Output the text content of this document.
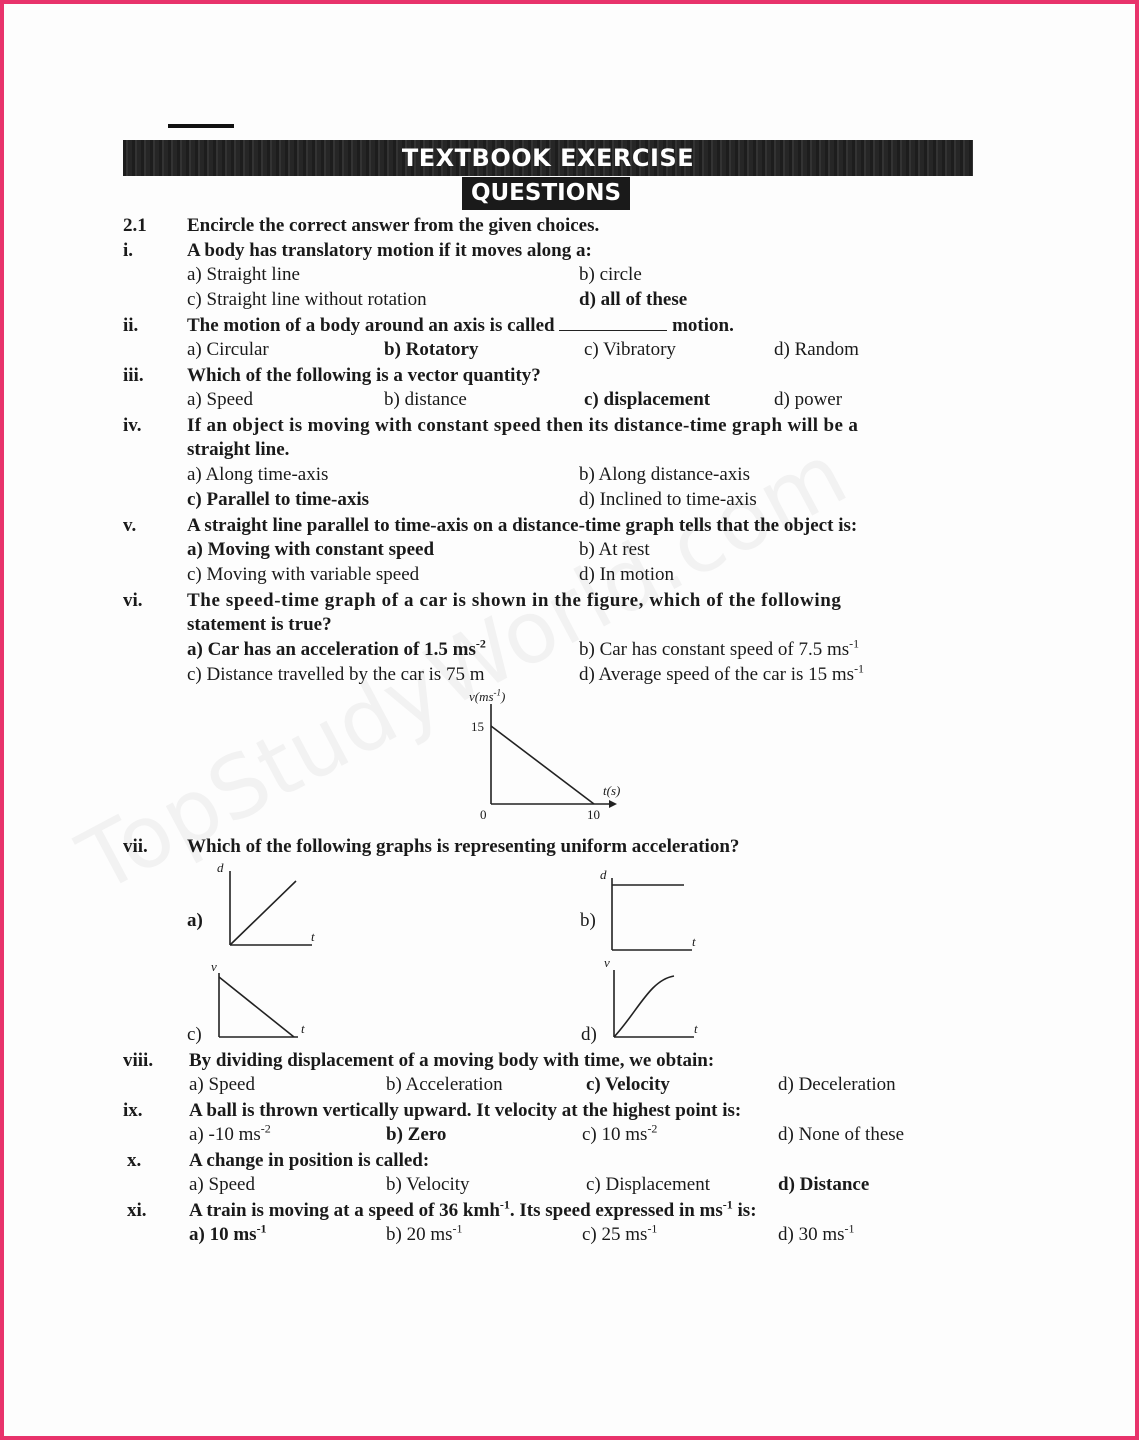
TEXTBOOK EXERCISE
QUESTIONS
2.1 Encircle the correct answer from the given choices.
i.	A body has translatory motion if it moves along a:
a) Straight line	b) circle
c) Straight line without rotation	d) all of these
ii.	The motion of a body around an axis is called	motion.
a) Circular	b) Rotatory	c) Vibratory	d) Random
iii. Which of the following is a vector quantity?
a) Speed	b) distance	c) displacement	d) power
iv. If an object is moving with constant speed then its distance-time graph will be a
straight line.
a) Along time-axis	b) Along distance-axis
c) Parallel to time-axis	d) Inclined to time-axis
v.	A straight line parallel to time-axis on a distance-time graph tells that the object is:
a) Moving with constant speed	b) At rest
c) Moving with variable speed	d) In motion
vi. The speed-time graph of a car is shown in the figure, which of the following
statement is true?
a) Car has an acceleration of 1.5 $ms^{-2}$	b) Car has constant speed of 7.5 $ms^{-1}$
c) Distance travelled by the car is 75 m	d) Average speed of the car is 15 $ms^{-1}$
$v(ms^{-1})$
15
t(s)
0	10
vii. Which of the following graphs is representing uniform acceleration?
a)
d
t
b)
d
t
c)
v
t	d)
v
t
viii. By dividing displacement of a moving body with time, we obtain:
a) Speed	b) Acceleration	c) Velocity	d) Deceleration
ix. A ball is thrown vertically upward. It velocity at the highest point is:
a) -10 $ms^{-2}$	b) Zero	c) 10 $ms^{-2}$	d) None of these
x.	A change in position is called:
a) Speed	b) Velocity	c) Displacement	d) Distance
xi. A train is moving at a speed of 36 kmh$^{-1}$. Its speed expressed in $ms^{-1}$ is:
a) 10 $ms^{-1}$	b) 20 $ms^{-1}$	c) 25 $ms^{-1}$	d) 30 $ms^{-1}$
